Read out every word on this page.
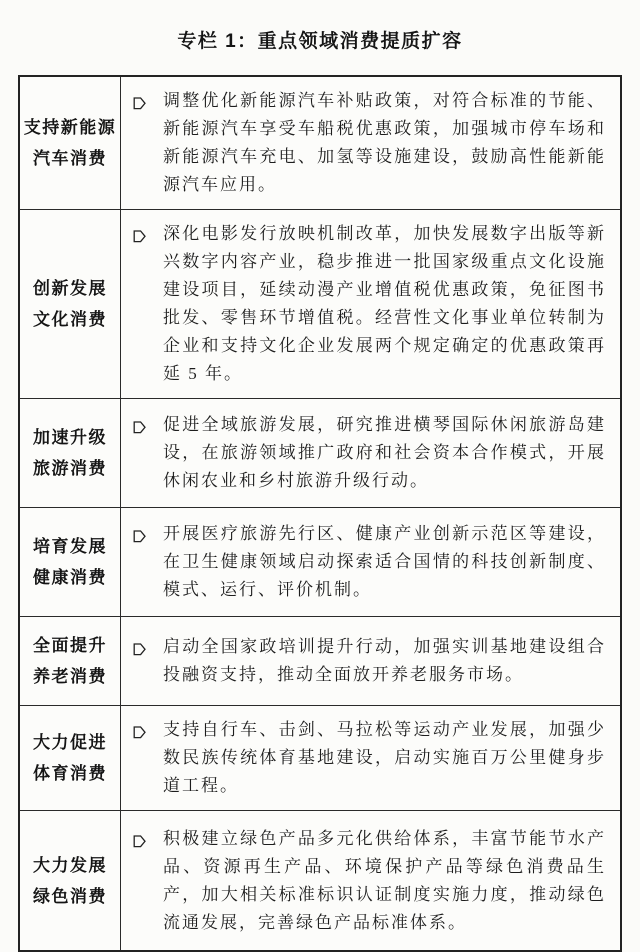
专栏 1：重点领域消费提质扩容
支持新能源
汽车消费
调整优化新能源汽车补贴政策，对符合标准的节能、新能源汽车享受车船税优惠政策，加强城市停车场和新能源汽车充电、加氢等设施建设，鼓励高性能新能源汽车应用。
创新发展
文化消费
深化电影发行放映机制改革，加快发展数字出版等新兴数字内容产业，稳步推进一批国家级重点文化设施建设项目，延续动漫产业增值税优惠政策，免征图书批发、零售环节增值税。经营性文化事业单位转制为企业和支持文化企业发展两个规定确定的优惠政策再延 5 年。
加速升级
旅游消费
促进全域旅游发展，研究推进横琴国际休闲旅游岛建设，在旅游领域推广政府和社会资本合作模式，开展休闲农业和乡村旅游升级行动。
培育发展
健康消费
开展医疗旅游先行区、健康产业创新示范区等建设，在卫生健康领域启动探索适合国情的科技创新制度、模式、运行、评价机制。
全面提升
养老消费
启动全国家政培训提升行动，加强实训基地建设组合投融资支持，推动全面放开养老服务市场。
大力促进
体育消费
支持自行车、击剑、马拉松等运动产业发展，加强少数民族传统体育基地建设，启动实施百万公里健身步道工程。
大力发展
绿色消费
积极建立绿色产品多元化供给体系，丰富节能节水产品、资源再生产品、环境保护产品等绿色消费品生产，加大相关标准标识认证制度实施力度，推动绿色流通发展，完善绿色产品标准体系。
